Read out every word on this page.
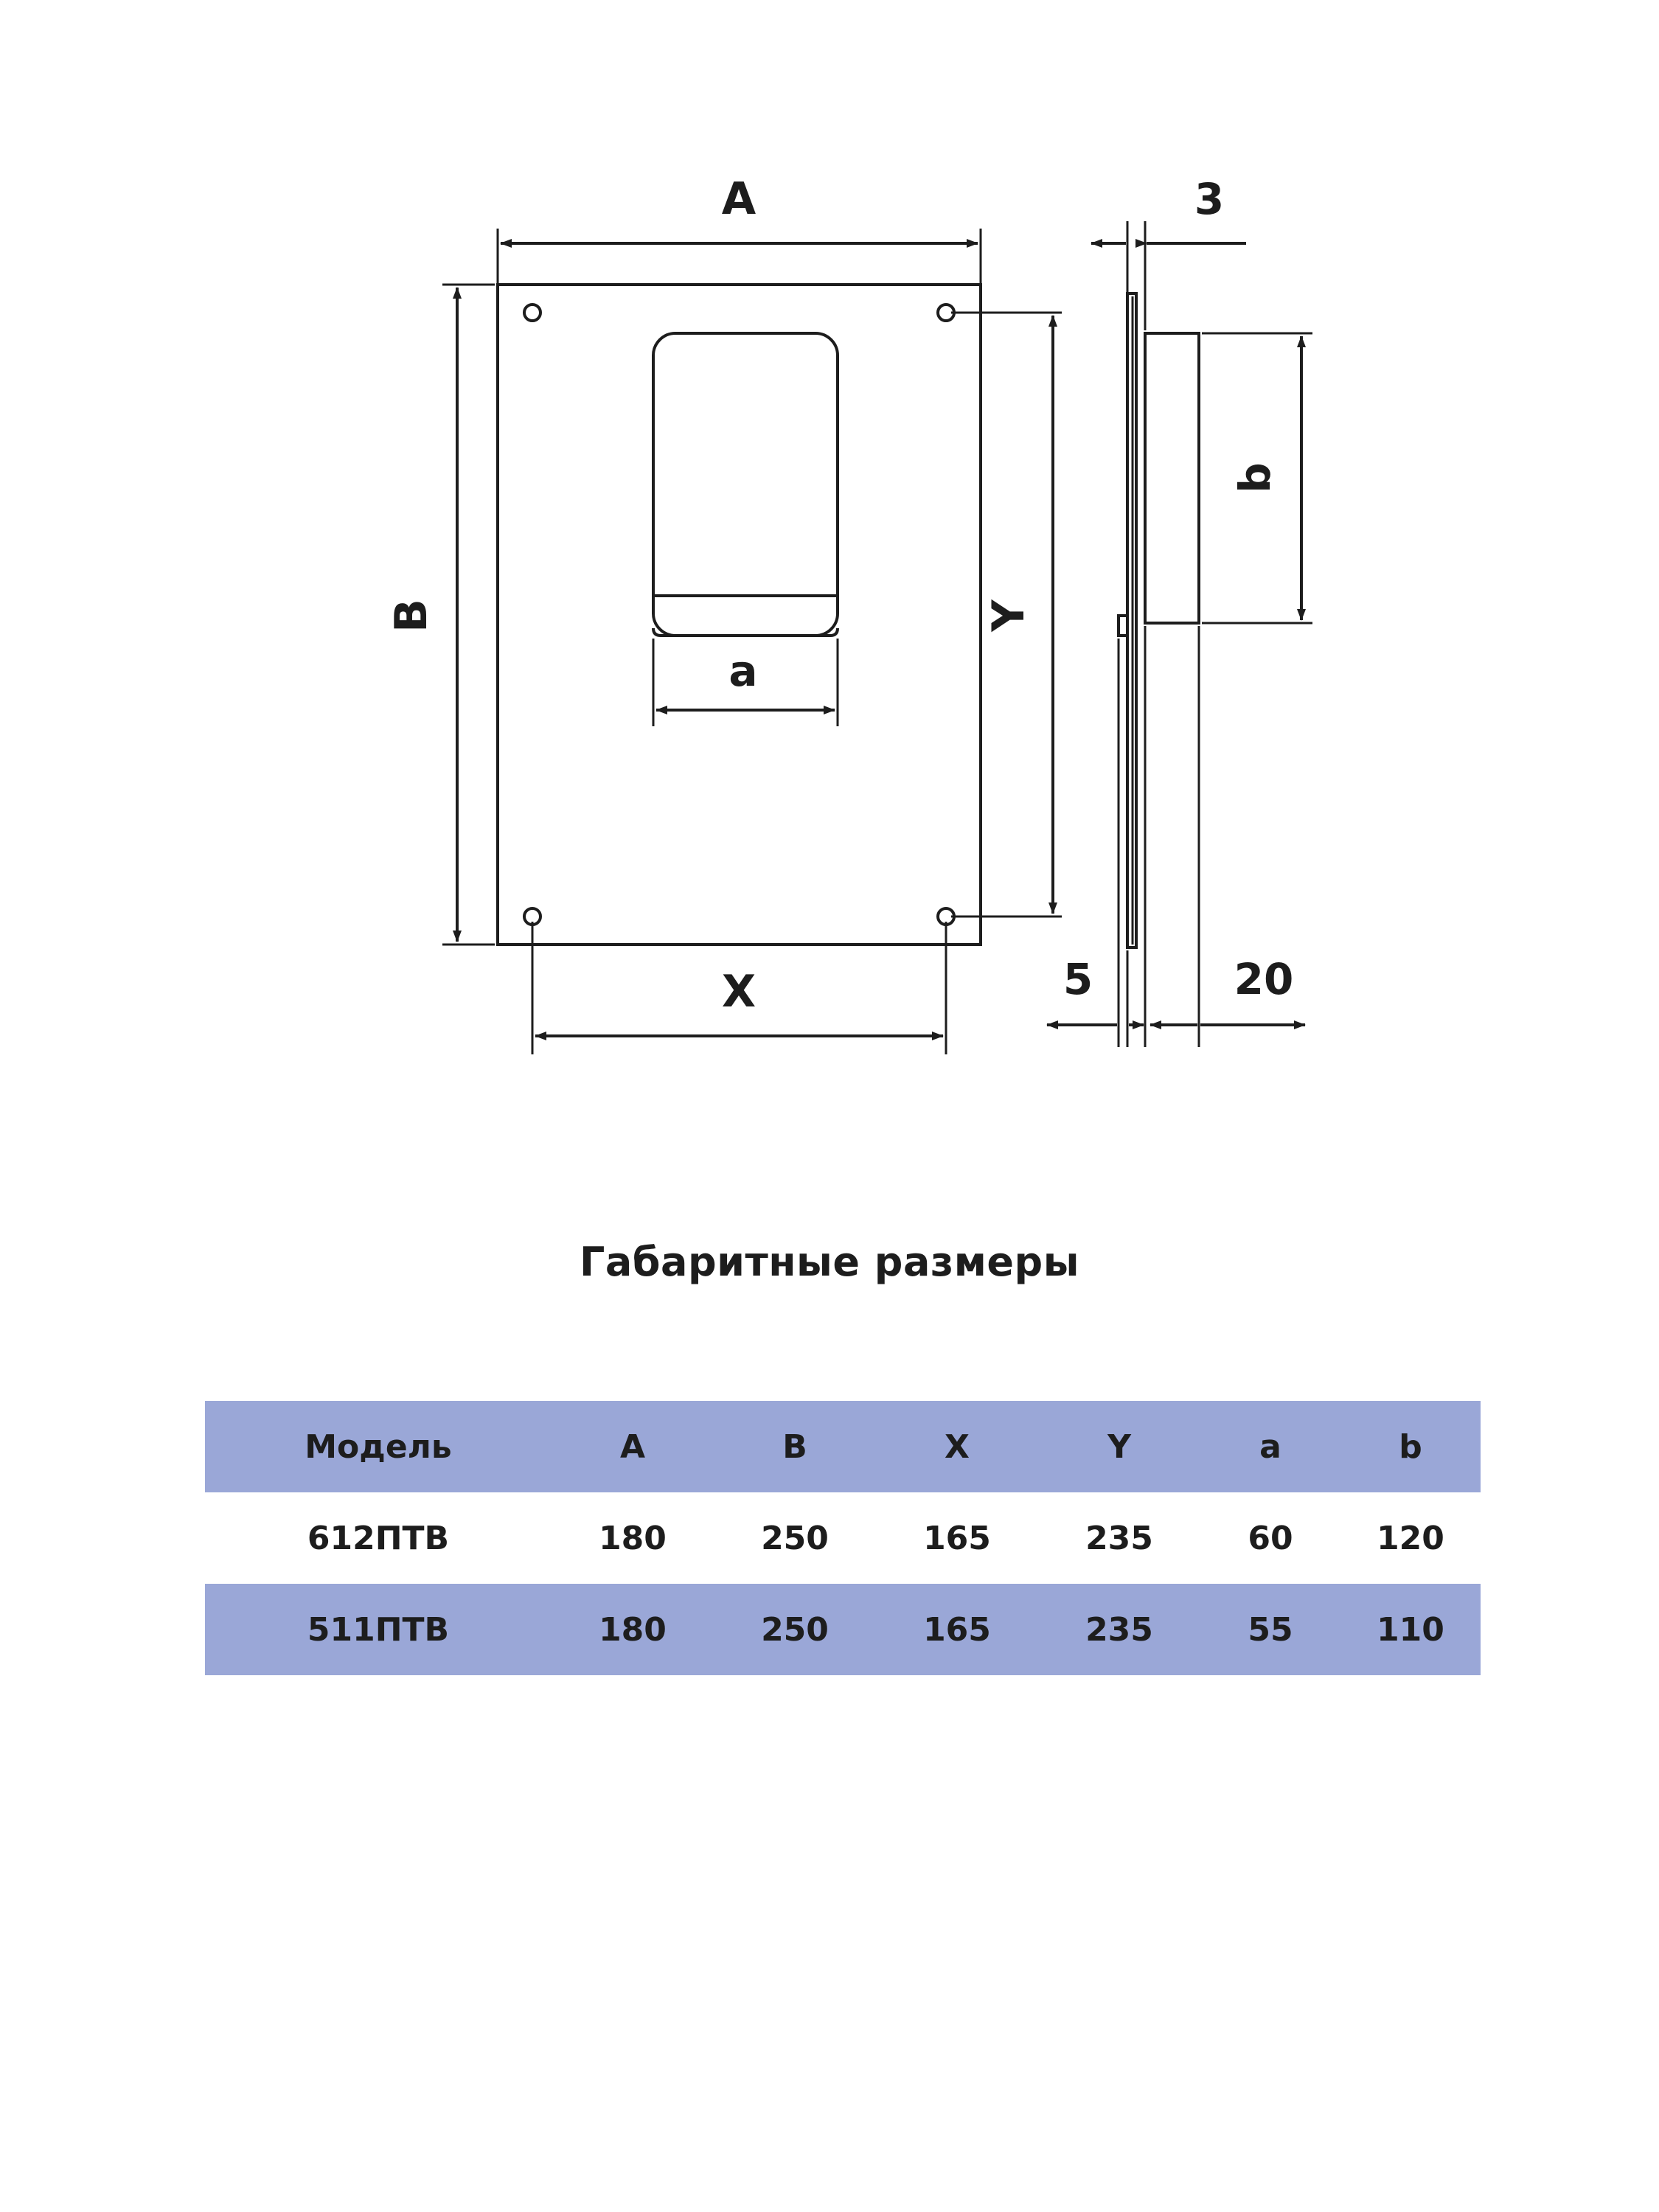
A
B
X
Y
a
3
b
5	20
Габаритные размеры
Модель	A	B	X	Y	a	b
612ПТВ	180	250	165	235	60	120
511ПТВ	180	250	165	235	55	110
